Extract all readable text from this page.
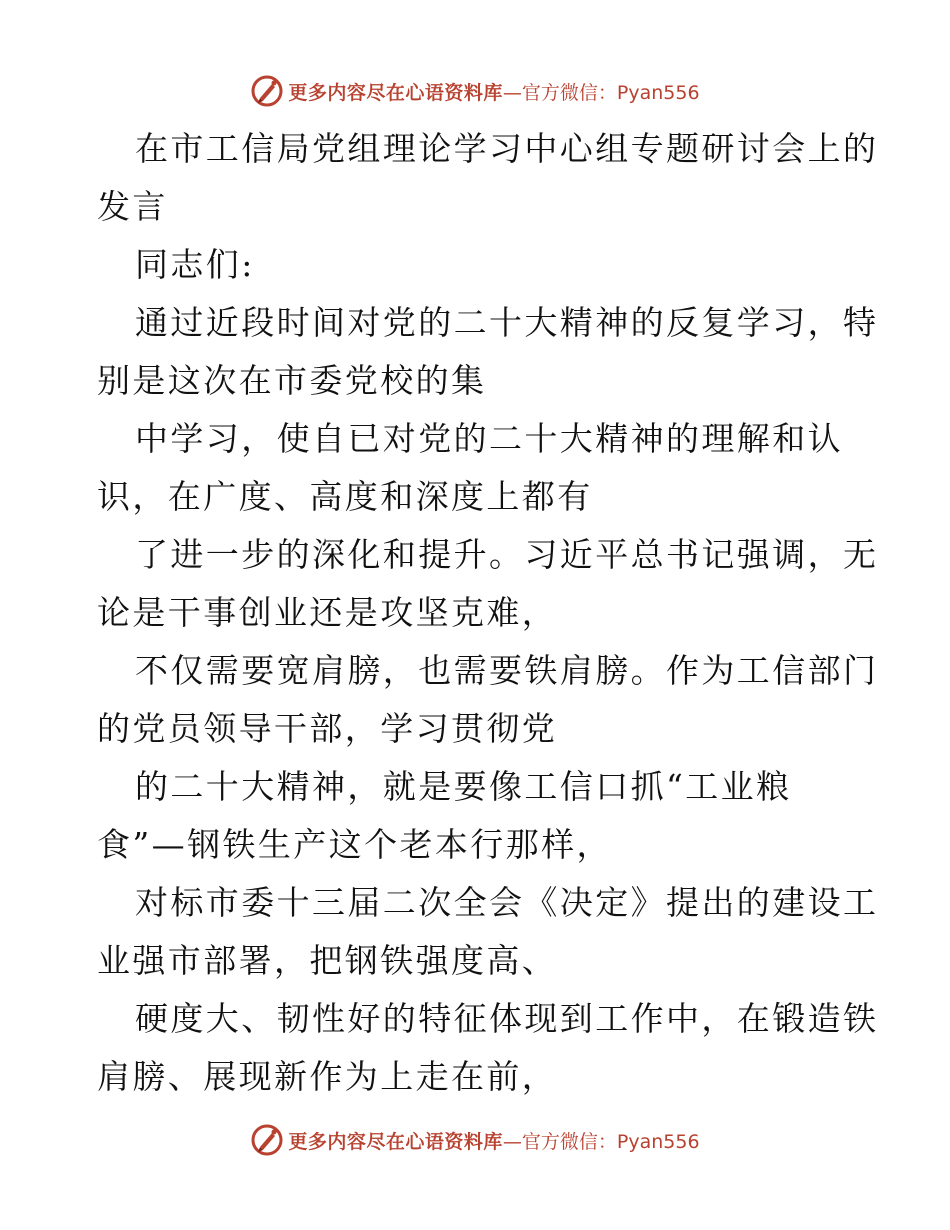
更多内容尽在心语资料库 —官方微信：Pyan556

在市工信局党组理论学习中心组专题研讨会上的
发言

同志们:

通过近段时间对党的二十大精神的反复学习，特
别是这次在市委党校的集

中学习，使自已对党的二十大精神的理解和认
识，在广度、高度和深度上都有

了进一步的深化和提升。习近平总书记强调，无
论是干事创业还是攻坚克难，

不仅需要宽肩膀，也需要铁肩膀。作为工信部门
的党员领导干部，学习贯彻党

的二十大精神，就是要像工信口抓“工业粮
食”—钢铁生产这个老本行那样，

对标市委十三届二次全会《决定》提出的建设工
业强市部署，把钢铁强度高、

硬度大、韧性好的特征体现到工作中，在锻造铁
肩膀、展现新作为上走在前，

更多内容尽在心语资料库 —官方微信：Pyan556
